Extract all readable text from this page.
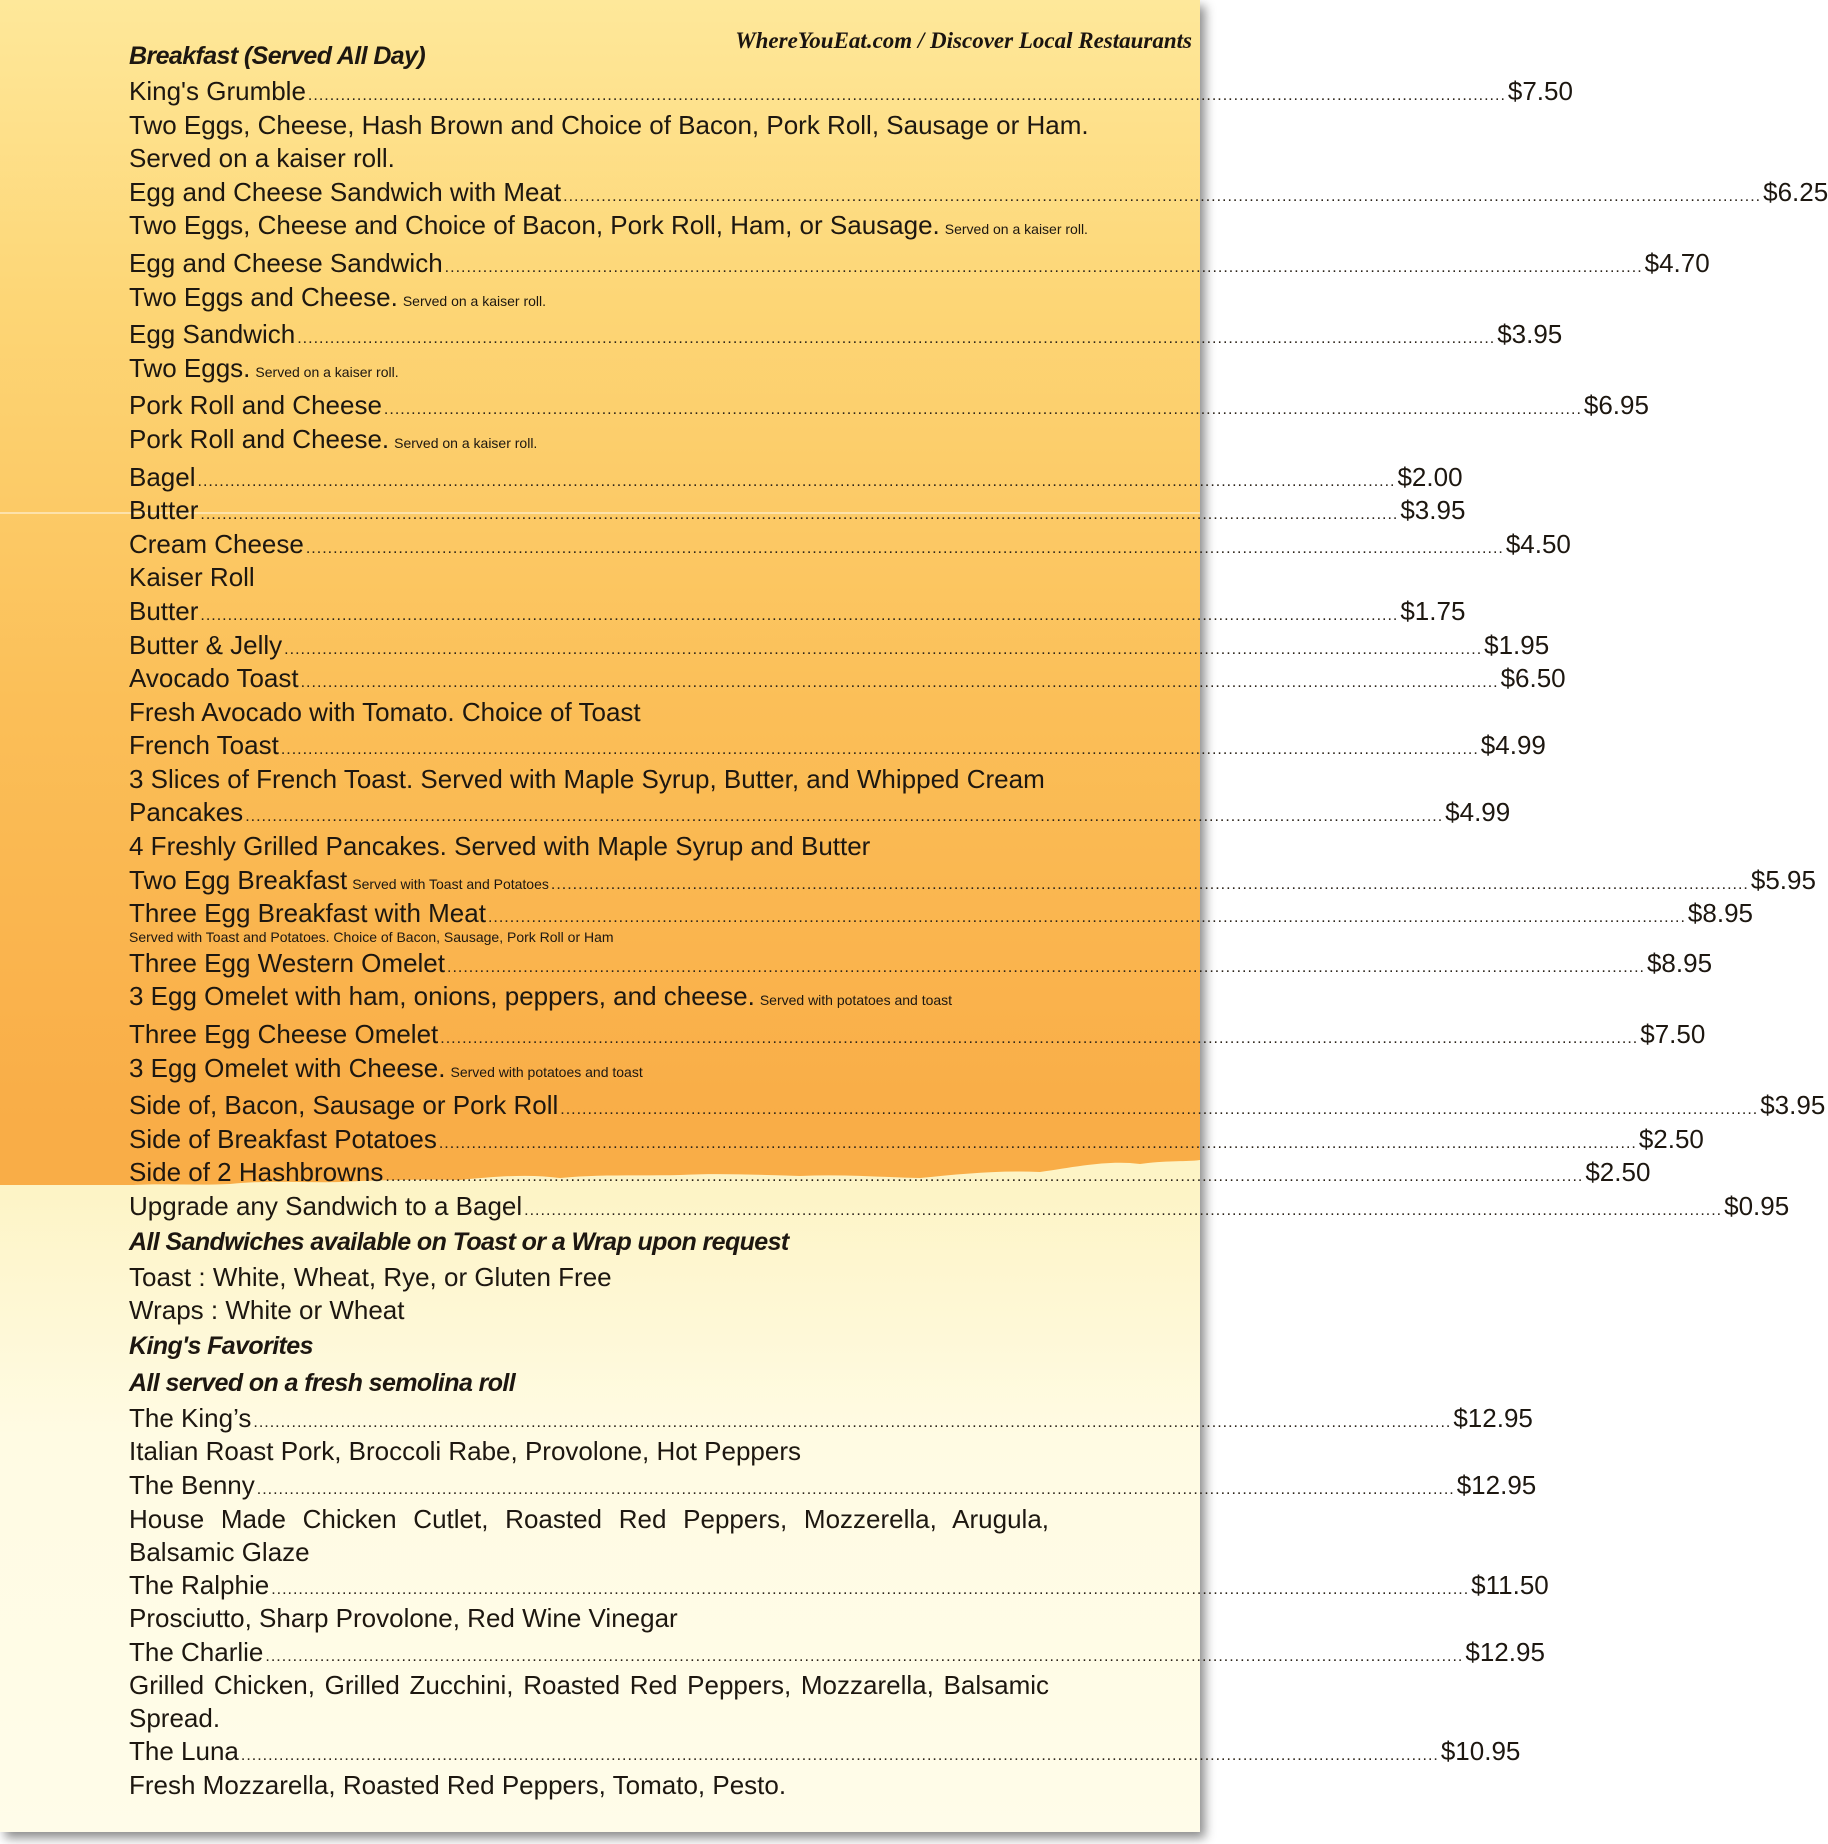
WhereYouEat.com / Discover Local Restaurants
Breakfast (Served All Day)
King's Grumble ............................................................................................................................................................................................................................ $7.50
Two Eggs, Cheese, Hash Brown and Choice of Bacon, Pork Roll, Sausage or Ham.
Served on a kaiser roll.
Egg and Cheese Sandwich with Meat ............................................................................................................................................................................................................................ $6.25
Two Eggs, Cheese and Choice of Bacon, Pork Roll, Ham, or Sausage. Served on a kaiser roll.
Egg and Cheese Sandwich ............................................................................................................................................................................................................................ $4.70
Two Eggs and Cheese. Served on a kaiser roll.
Egg Sandwich ............................................................................................................................................................................................................................ $3.95
Two Eggs. Served on a kaiser roll.
Pork Roll and Cheese ............................................................................................................................................................................................................................ $6.95
Pork Roll and Cheese. Served on a kaiser roll.
Bagel ............................................................................................................................................................................................................................ $2.00
Butter ............................................................................................................................................................................................................................ $3.95
Cream Cheese ............................................................................................................................................................................................................................ $4.50
Kaiser Roll
Butter ............................................................................................................................................................................................................................ $1.75
Butter & Jelly ............................................................................................................................................................................................................................ $1.95
Avocado Toast ............................................................................................................................................................................................................................ $6.50
Fresh Avocado with Tomato. Choice of Toast
French Toast ............................................................................................................................................................................................................................ $4.99
3 Slices of French Toast. Served with Maple Syrup, Butter, and Whipped Cream
Pancakes ............................................................................................................................................................................................................................ $4.99
4 Freshly Grilled Pancakes. Served with Maple Syrup and Butter
Two Egg Breakfast Served with Toast and Potatoes ............................................................................................................................................................................................................................ $5.95
Three Egg Breakfast with Meat ............................................................................................................................................................................................................................ $8.95
Served with Toast and Potatoes. Choice of Bacon, Sausage, Pork Roll or Ham
Three Egg Western Omelet ............................................................................................................................................................................................................................ $8.95
3 Egg Omelet with ham, onions, peppers, and cheese. Served with potatoes and toast
Three Egg Cheese Omelet ............................................................................................................................................................................................................................ $7.50
3 Egg Omelet with Cheese. Served with potatoes and toast
Side of, Bacon, Sausage or Pork Roll ............................................................................................................................................................................................................................ $3.95
Side of Breakfast Potatoes ............................................................................................................................................................................................................................ $2.50
Side of 2 Hashbrowns ............................................................................................................................................................................................................................ $2.50
Upgrade any Sandwich to a Bagel ............................................................................................................................................................................................................................ $0.95
All Sandwiches available on Toast or a Wrap upon request
Toast : White, Wheat, Rye, or Gluten Free
Wraps : White or Wheat
King's Favorites
All served on a fresh semolina roll
The King’s ............................................................................................................................................................................................................................ $12.95
Italian Roast Pork, Broccoli Rabe, Provolone, Hot Peppers
The Benny ............................................................................................................................................................................................................................ $12.95
House Made Chicken Cutlet, Roasted Red Peppers, Mozzerella, Arugula, Balsamic Glaze
The Ralphie ............................................................................................................................................................................................................................ $11.50
Prosciutto, Sharp Provolone, Red Wine Vinegar
The Charlie ............................................................................................................................................................................................................................ $12.95
Grilled Chicken, Grilled Zucchini, Roasted Red Peppers, Mozzarella, Balsamic Spread.
The Luna ............................................................................................................................................................................................................................ $10.95
Fresh Mozzarella, Roasted Red Peppers, Tomato, Pesto.
